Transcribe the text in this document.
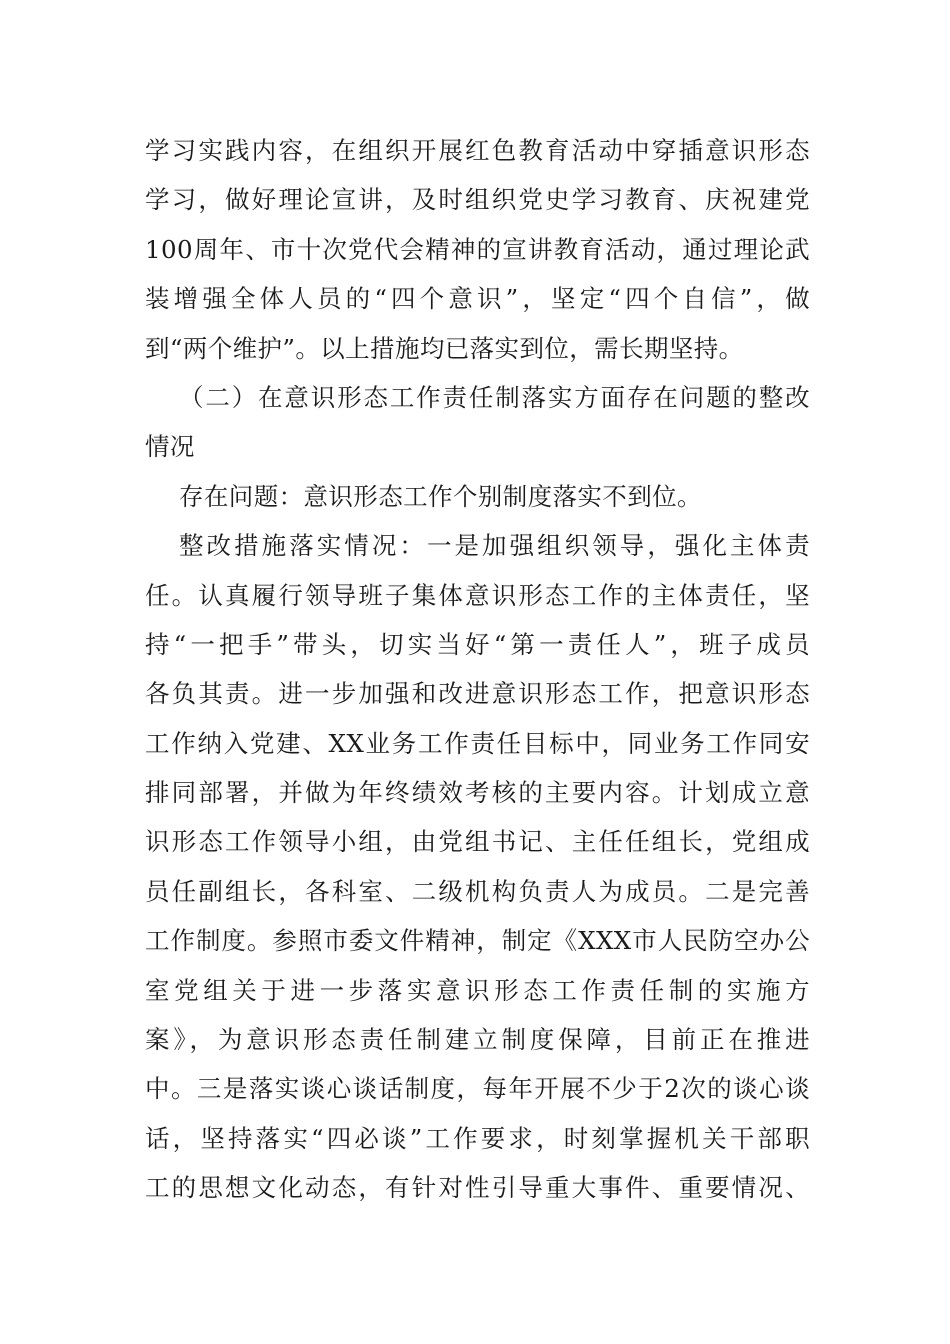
学习实践内容，在组织开展红色教育活动中穿插意识形态
学习，做好理论宣讲，及时组织党史学习教育、庆祝建党
100周年、市十次党代会精神的宣讲教育活动，通过理论武
装增强全体人员的“四个意识”，坚定“四个自信”，做
到“两个维护”。以上措施均已落实到位，需长期坚持。
（二）在意识形态工作责任制落实方面存在问题的整改
情况
存在问题：意识形态工作个别制度落实不到位。
整改措施落实情况：一是加强组织领导，强化主体责
任。认真履行领导班子集体意识形态工作的主体责任，坚
持“一把手”带头，切实当好“第一责任人”，班子成员
各负其责。进一步加强和改进意识形态工作，把意识形态
工作纳入党建、XX业务工作责任目标中，同业务工作同安
排同部署，并做为年终绩效考核的主要内容。计划成立意
识形态工作领导小组，由党组书记、主任任组长，党组成
员任副组长，各科室、二级机构负责人为成员。二是完善
工作制度。参照市委文件精神，制定《XXX市人民防空办公
室党组关于进一步落实意识形态工作责任制的实施方
案》，为意识形态责任制建立制度保障，目前正在推进
中。三是落实谈心谈话制度，每年开展不少于2次的谈心谈
话，坚持落实“四必谈”工作要求，时刻掌握机关干部职
工的思想文化动态，有针对性引导重大事件、重要情况、
